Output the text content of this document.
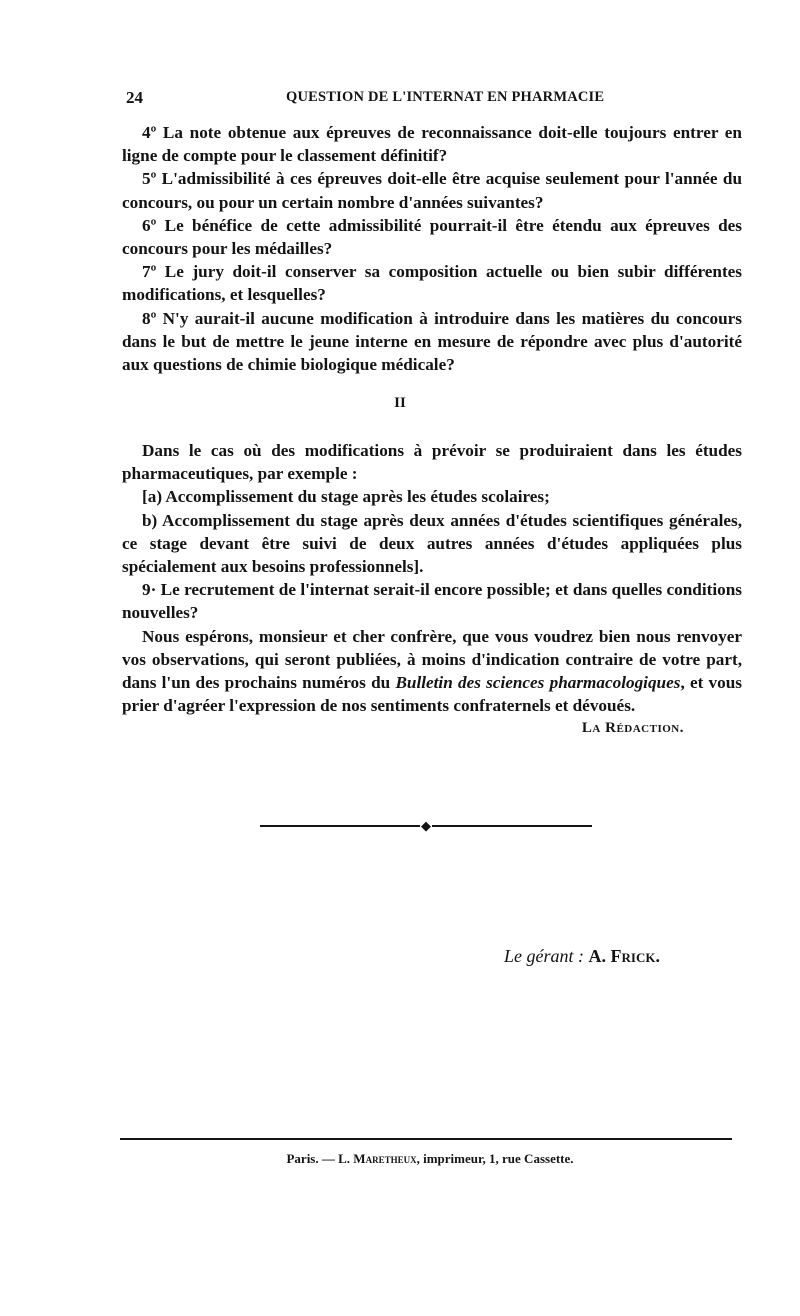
24	QUESTION DE L'INTERNAT EN PHARMACIE

4º La note obtenue aux épreuves de reconnaissance doit-elle toujours entrer en ligne de compte pour le classement définitif?

5º L'admissibilité à ces épreuves doit-elle être acquise seulement pour l'année du concours, ou pour un certain nombre d'années suivantes?

6º Le bénéfice de cette admissibilité pourrait-il être étendu aux épreuves des concours pour les médailles?

7º Le jury doit-il conserver sa composition actuelle ou bien subir différentes modifications, et lesquelles?

8º N'y aurait-il aucune modification à introduire dans les matières du concours dans le but de mettre le jeune interne en mesure de répondre avec plus d'autorité aux questions de chimie biologique médicale?

II

Dans le cas où des modifications à prévoir se produiraient dans les études pharmaceutiques, par exemple :

[a) Accomplissement du stage après les études scolaires;

b) Accomplissement du stage après deux années d'études scientifiques générales, ce stage devant être suivi de deux autres années d'études appliquées plus spécialement aux besoins professionnels].

9· Le recrutement de l'internat serait-il encore possible; et dans quelles conditions nouvelles?

Nous espérons, monsieur et cher confrère, que vous voudrez bien nous renvoyer vos observations, qui seront publiées, à moins d'indication contraire de votre part, dans l'un des prochains numéros du Bulletin des sciences pharmacologiques, et vous prier d'agréer l'expression de nos sentiments confraternels et dévoués.

La Rédaction.
◆
Le gérant : A. Frick.
Paris. — L. Maretheux, imprimeur, 1, rue Cassette.
